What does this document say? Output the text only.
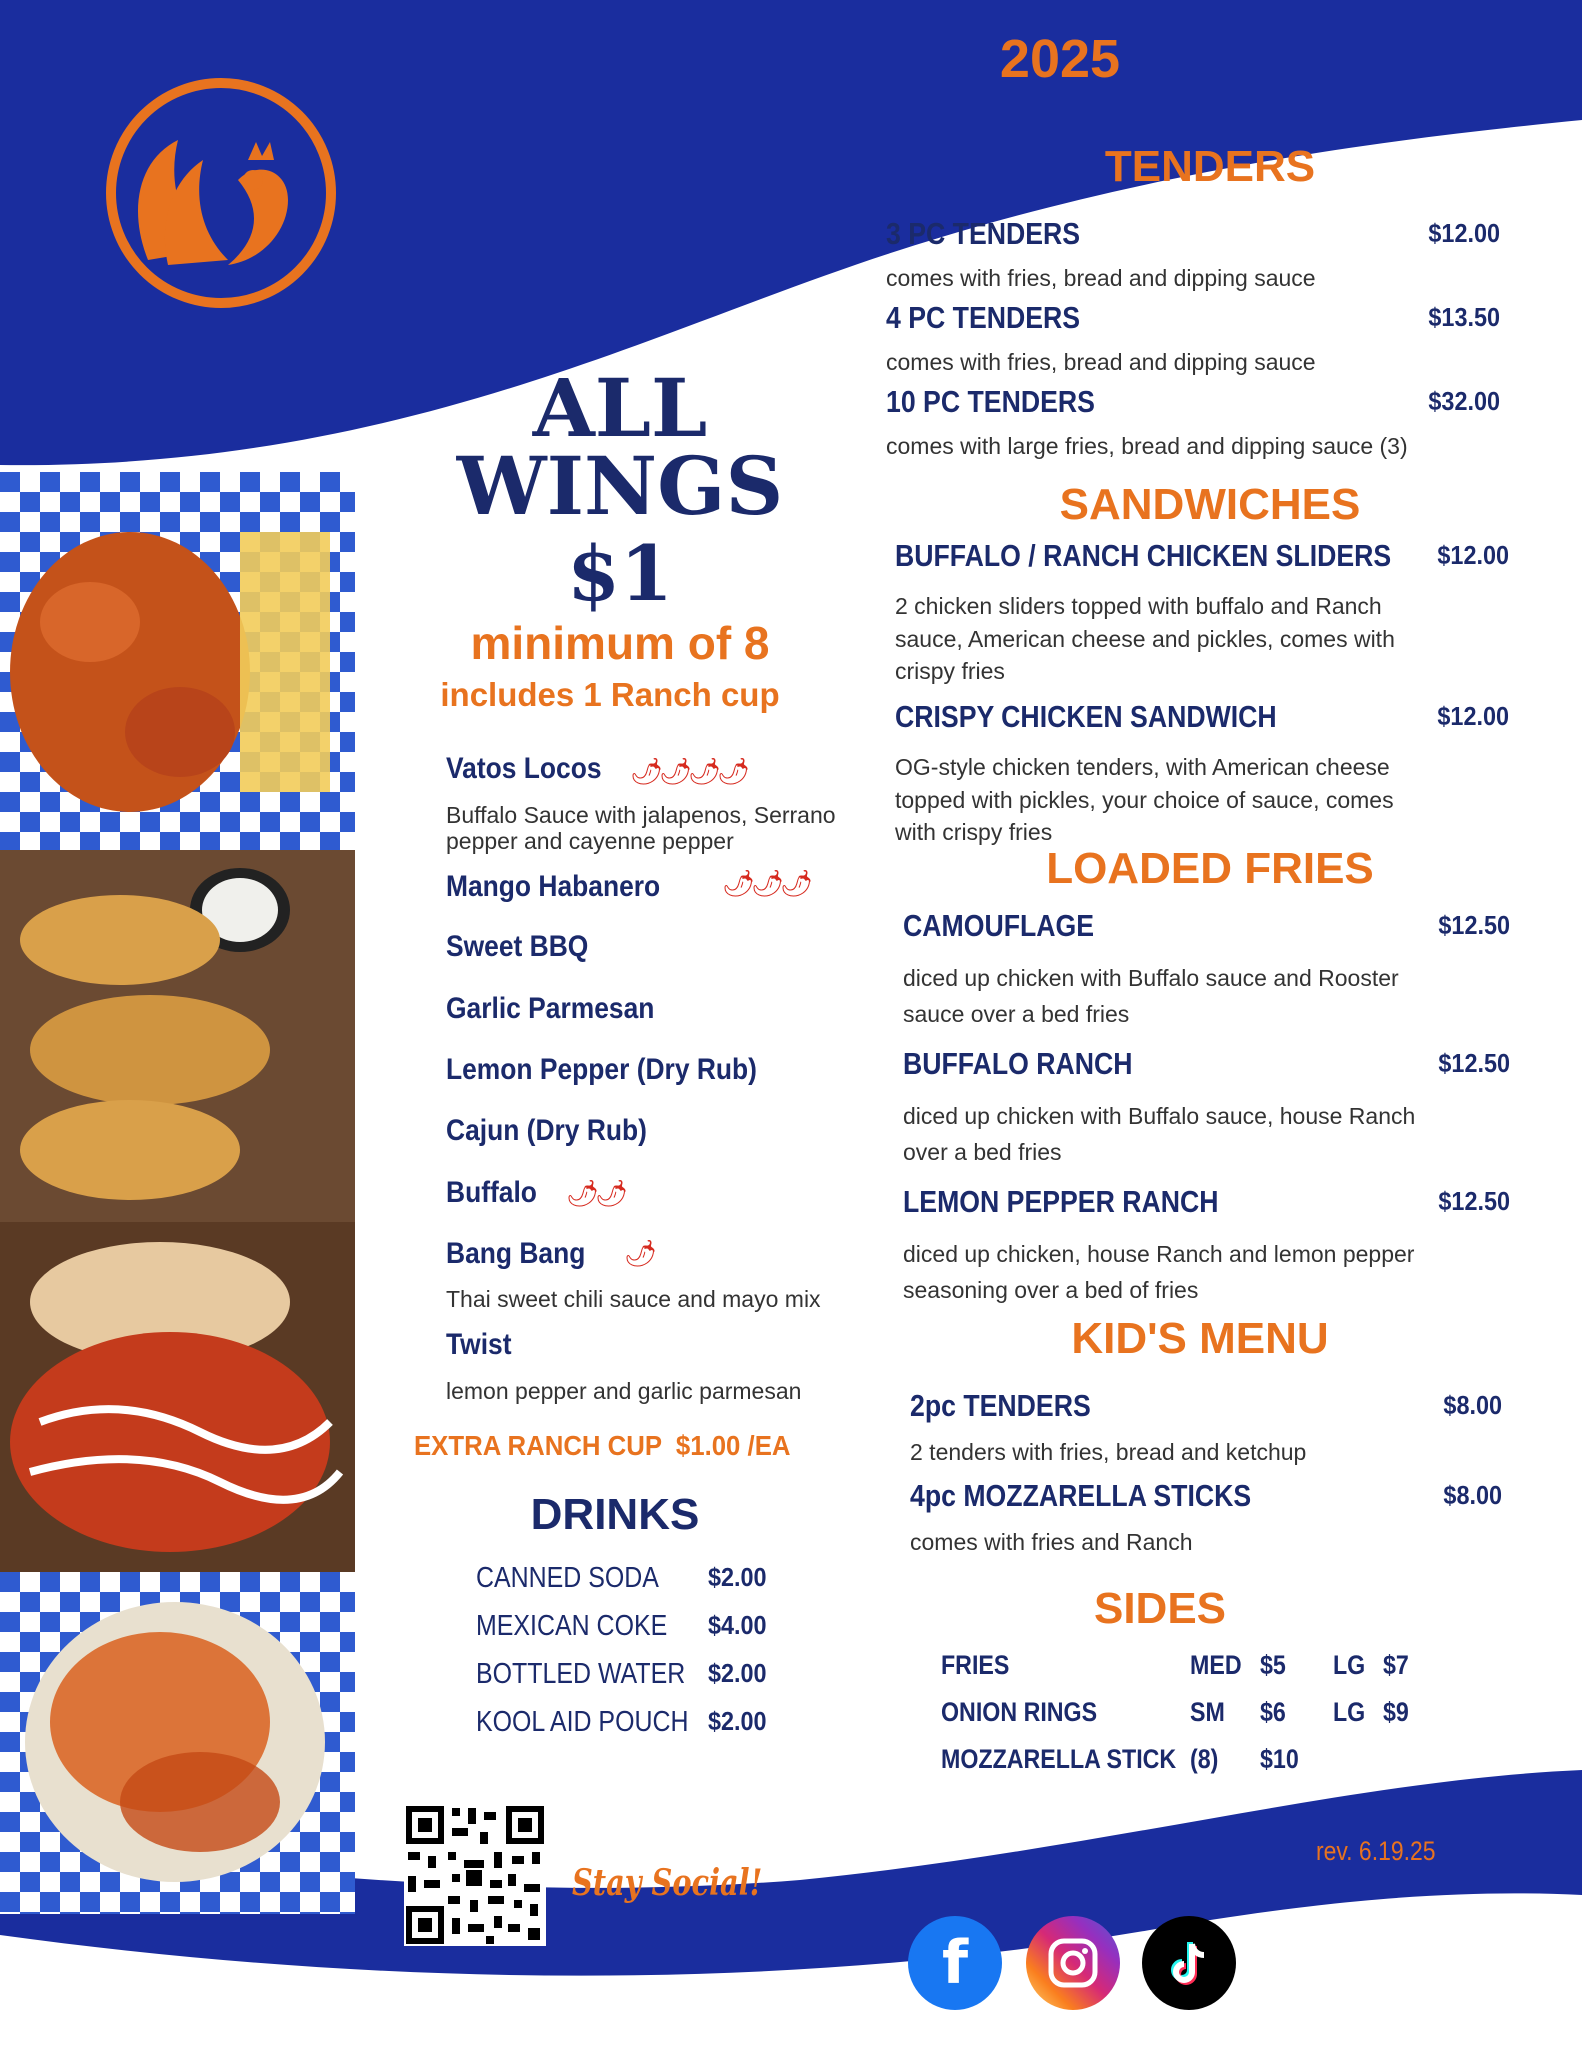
2025
ALL
WINGS
$1
minimum of 8
includes 1 Ranch cup
Vatos Locos 🌶🌶🌶🌶
Buffalo Sauce with jalapenos, Serrano pepper and cayenne pepper
Mango Habanero 🌶🌶🌶
Sweet BBQ
Garlic Parmesan
Lemon Pepper (Dry Rub)
Cajun (Dry Rub)
Buffalo 🌶🌶
Bang Bang 🌶
Thai sweet chili sauce and mayo mix
Twist
lemon pepper and garlic parmesan
EXTRA RANCH CUP  $1.00 /EA
DRINKS
CANNED SODA $2.00
MEXICAN COKE $4.00
BOTTLED WATER $2.00
KOOL AID POUCH $2.00
Stay Social!
TENDERS
3 PC TENDERS	$12.00
comes with fries, bread and dipping sauce
4 PC TENDERS	$13.50
comes with fries, bread and dipping sauce
10 PC TENDERS	$32.00
comes with large fries, bread and dipping sauce (3)
SANDWICHES
BUFFALO / RANCH CHICKEN SLIDERS	$12.00
2 chicken sliders topped with buffalo and Ranch
sauce, American cheese and pickles, comes with
crispy fries
CRISPY CHICKEN SANDWICH	$12.00
OG-style chicken tenders, with American cheese
topped with pickles, your choice of sauce, comes
with crispy fries
LOADED FRIES
CAMOUFLAGE	$12.50
diced up chicken with Buffalo sauce and Rooster
sauce over a bed fries
BUFFALO RANCH	$12.50
diced up chicken with Buffalo sauce, house Ranch
over a bed fries
LEMON PEPPER RANCH	$12.50
diced up chicken, house Ranch and lemon pepper
seasoning over a bed of fries
KID'S MENU
2pc TENDERS	$8.00
2 tenders with fries, bread and ketchup
4pc MOZZARELLA STICKS	$8.00
comes with fries and Ranch
SIDES
FRIES	MED $5 LG $7
ONION RINGS	SM $6 LG $9
MOZZARELLA STICK (8) $10
rev. 6.19.25
f
